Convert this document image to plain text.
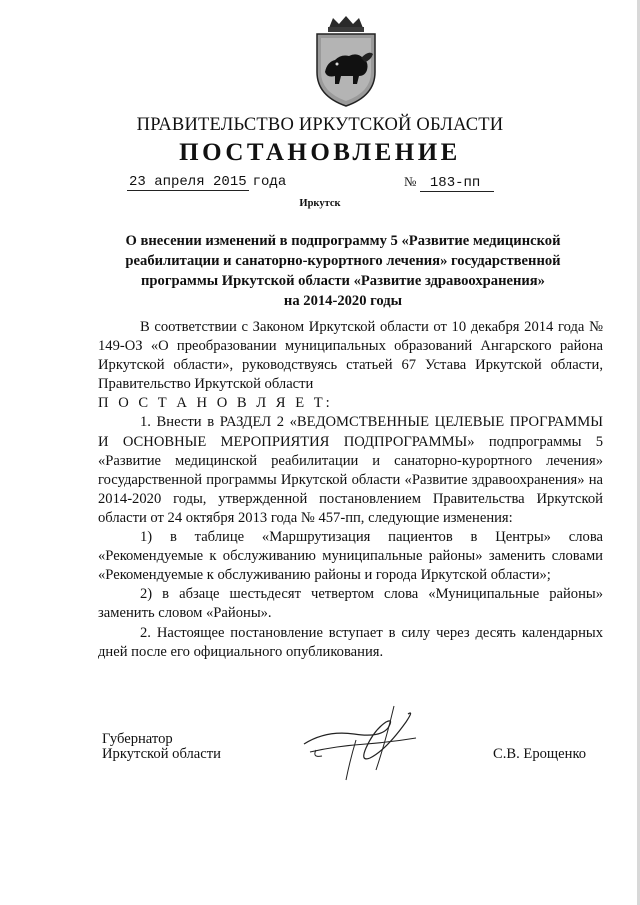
ПРАВИТЕЛЬСТВО ИРКУТСКОЙ ОБЛАСТИ
ПОСТАНОВЛЕНИЕ
23 апреля 2015 года	№ 183-пп
Иркутск
О внесении изменений в подпрограмму 5 «Развитие медицинской
реабилитации и санаторно-курортного лечения» государственной
программы Иркутской области «Развитие здравоохранения»
на 2014-2020 годы

В соответствии с Законом Иркутской области от 10 декабря 2014 года № 149-ОЗ «О преобразовании муниципальных образований Ангарского района Иркутской области», руководствуясь статьей 67 Устава Иркутской области, Правительство Иркутской области

П О С Т А Н О В Л Я Е Т:

1. Внести в РАЗДЕЛ 2 «ВЕДОМСТВЕННЫЕ ЦЕЛЕВЫЕ ПРОГРАММЫ И ОСНОВНЫЕ МЕРОПРИЯТИЯ ПОДПРОГРАММЫ» подпрограммы 5 «Развитие медицинской реабилитации и санаторно-курортного лечения» государственной программы Иркутской области «Развитие здравоохранения» на 2014-2020 годы, утвержденной постановлением Правительства Иркутской области от 24 октября 2013 года № 457-пп, следующие изменения:

1) в таблице «Маршрутизация пациентов в Центры» слова «Рекомендуемые к обслуживанию муниципальные районы» заменить словами «Рекомендуемые к обслуживанию районы и города Иркутской области»;

2) в абзаце шестьдесят четвертом слова «Муниципальные районы» заменить словом «Районы».

2. Настоящее постановление вступает в силу через десять календарных дней после его официального опубликования.

Губернатор
Иркутской области	С.В. Ерощенко
